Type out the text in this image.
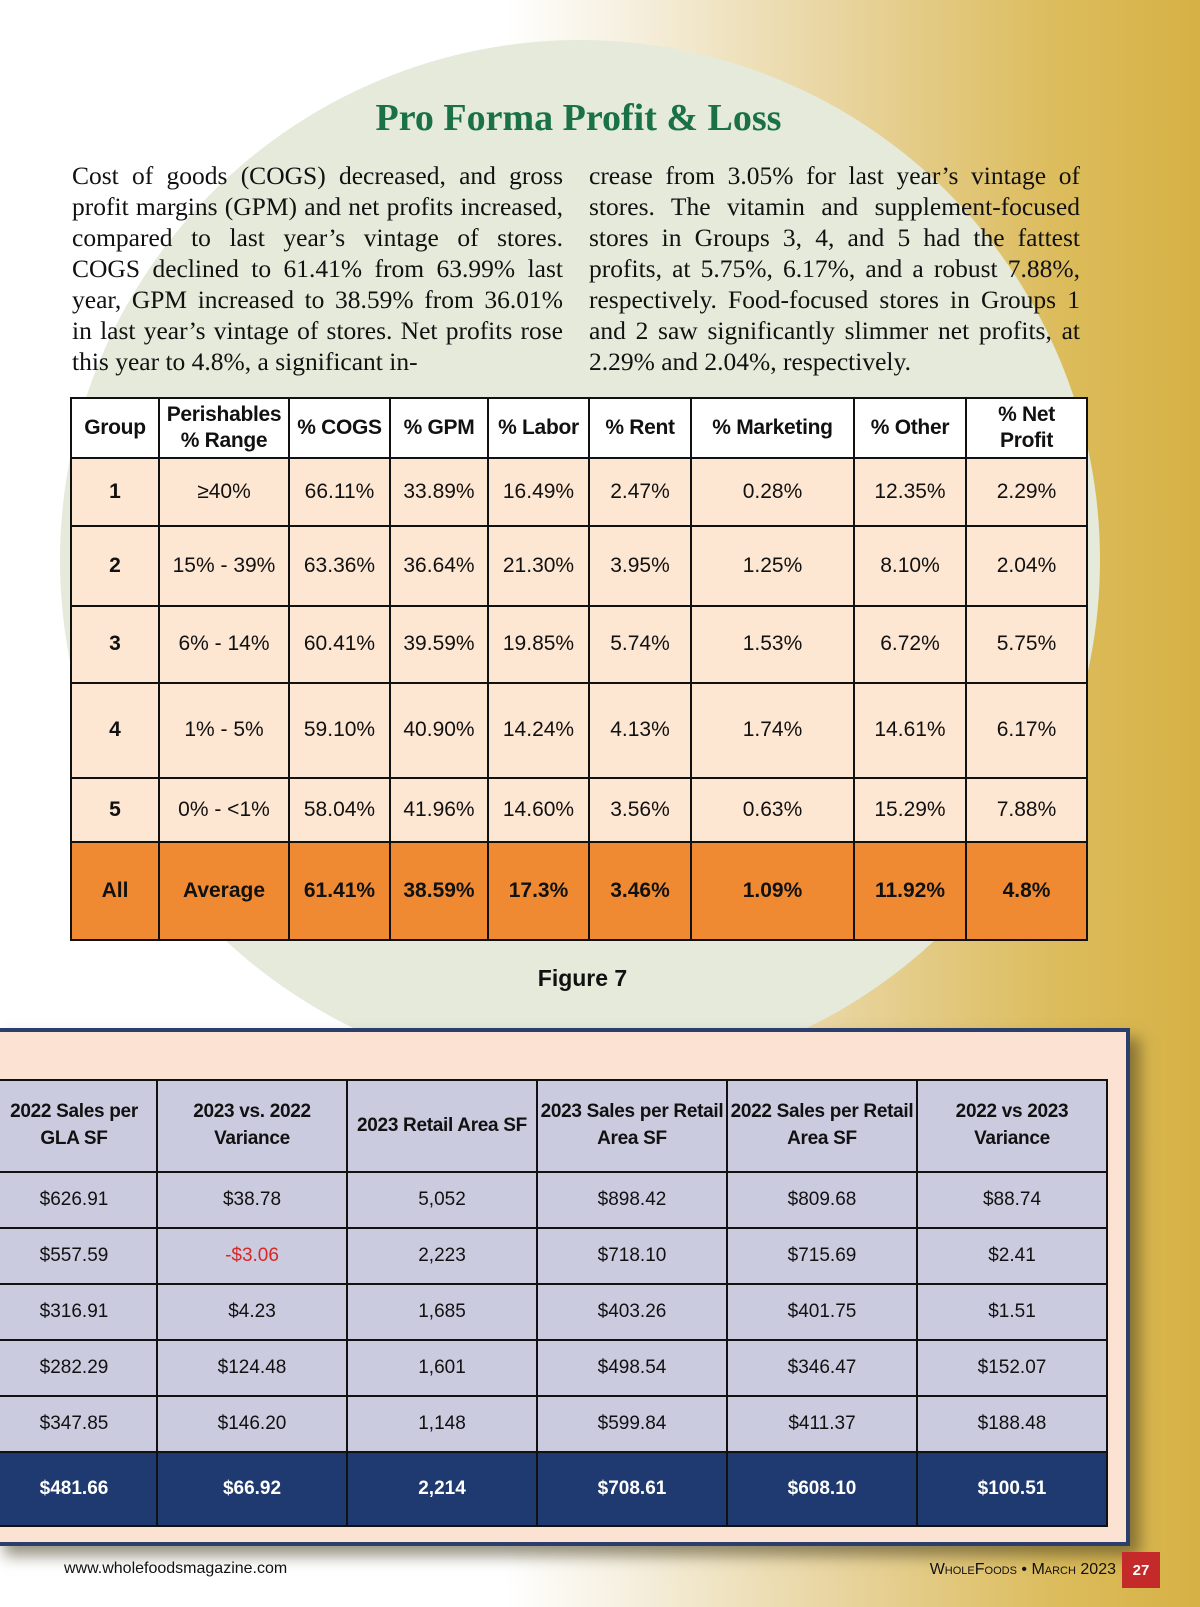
Pro Forma Profit & Loss

Cost of goods (COGS) decreased, and gross profit margins (GPM) and net profits increased, compared to last year’s vintage of stores. COGS declined to 61.41% from 63.99% last year, GPM increased to 38.59% from 36.01% in last year’s vintage of stores. Net profits rose this year to 4.8%, a significant in-

crease from 3.05% for last year’s vintage of stores. The vitamin and supplement-focused stores in Groups 3, 4, and 5 had the fattest profits, at 5.75%, 6.17%, and a robust 7.88%, respectively. Food-focused stores in Groups 1 and 2 saw significantly slimmer net profits, at 2.29% and 2.04%, respectively.

Group	Perishables % Range	% COGS	% GPM	% Labor	% Rent	% Marketing	% Other	% Net Profit
1	≥40%	66.11%	33.89%	16.49%	2.47%	0.28%	12.35%	2.29%
2	15% - 39%	63.36%	36.64%	21.30%	3.95%	1.25%	8.10%	2.04%
3	6% - 14%	60.41%	39.59%	19.85%	5.74%	1.53%	6.72%	5.75%
4	1% - 5%	59.10%	40.90%	14.24%	4.13%	1.74%	14.61%	6.17%
5	0% - <1%	58.04%	41.96%	14.60%	3.56%	0.63%	15.29%	7.88%
All	Average	61.41%	38.59%	17.3%	3.46%	1.09%	11.92%	4.8%
Figure 7
2022 Sales per GLA SF	2023 vs. 2022 Variance	2023 Retail Area SF	2023 Sales per Retail Area SF	2022 Sales per Retail Area SF	2022 vs 2023 Variance
$626.91	$38.78	5,052	$898.42	$809.68	$88.74
$557.59	-$3.06	2,223	$718.10	$715.69	$2.41
$316.91	$4.23	1,685	$403.26	$401.75	$1.51
$282.29	$124.48	1,601	$498.54	$346.47	$152.07
$347.85	$146.20	1,148	$599.84	$411.37	$188.48
$481.66	$66.92	2,214	$708.61	$608.10	$100.51
www.wholefoodsmagazine.com	WholeFoods • March 2023	27
